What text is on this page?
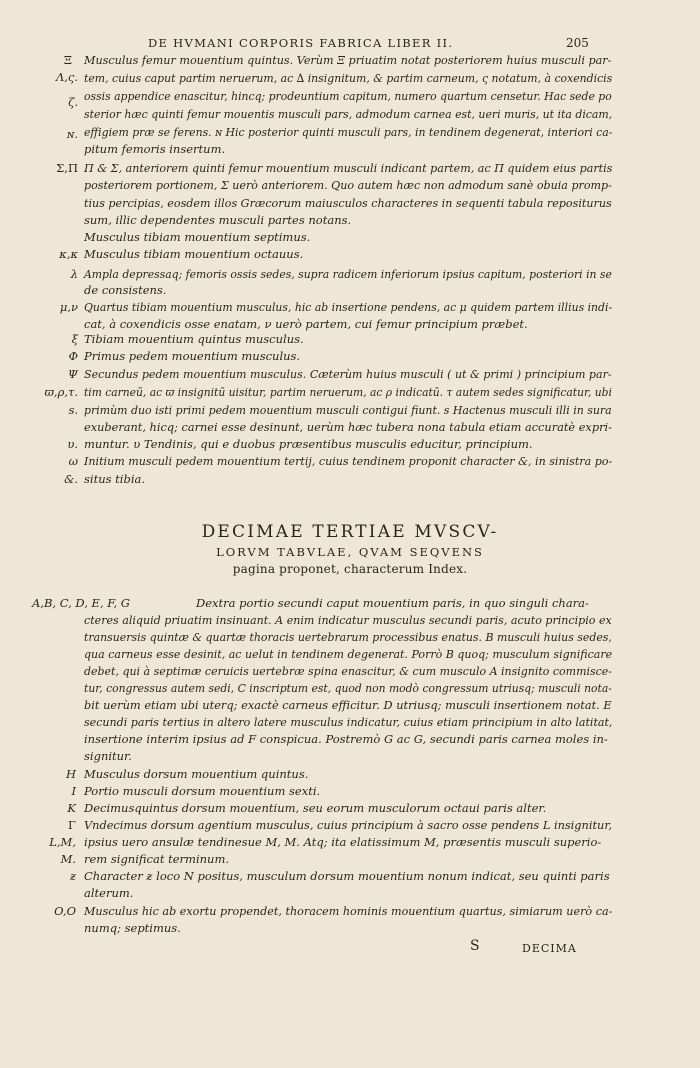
DE HVMANI CORPORIS FABRICA LIBER II.	205
Ξ
Ʌ,ς.
ζ.
ɴ.
Σ,Π
κ,κ
λ
μ,ν
ξ
Φ
Ψ
ϖ,ρ,τ.
s.
υ.
ω
&.
Musculus femur mouentium quintus. Verùm Ξ priuatim notat posteriorem huius musculi par-
tem, cuius caput partim neruerum, ac ∆ insignitum, & partim carneum, ς notatum, à coxendicis
ossis appendice enascitur, hincq; prodeuntium capitum, numero quartum censetur. Hac sede po
sterior hæc quinti femur mouentis musculi pars, admodum carnea est, ueri muris, ut ita dicam,
effigiem præ se ferens. ɴ Hic posterior quinti musculi pars, in tendinem degenerat, interiori ca-
pitum femoris insertum.
Π & Σ, anteriorem quinti femur mouentium musculi indicant partem, ac Π quidem eius partis
posteriorem portionem, Σ uerò anteriorem. Quo autem hæc non admodum sanè obuia promp-
tius percipias, eosdem illos Græcorum maiusculos characteres in sequenti tabula repositurus
sum, illic dependentes musculi partes notans.
Musculus tibiam mouentium septimus.
Musculus tibiam mouentium octauus.
Ampla depressaq; femoris ossis sedes, supra radicem inferiorum ipsius capitum, posteriori in se
de consistens.
Quartus tibiam mouentium musculus, hic ab insertione pendens, ac μ quidem partem illius indi-
cat, à coxendicis osse enatam, ν uerò partem, cui femur principium præbet.
Tibiam mouentium quintus musculus.
Primus pedem mouentium musculus.
Secundus pedem mouentium musculus. Cæterùm huius musculi ( ut & primi ) principium par-
tim carneū, ac ϖ insignitū uisitur, partim neruerum, ac ρ indicatū. τ autem sedes significatur, ubi
primùm duo isti primi pedem mouentium musculi contigui fiunt. s Hactenus musculi illi in sura
exuberant, hicq; carnei esse desinunt, uerùm hæc tubera nona tabula etiam accuratè expri-
muntur. υ Tendinis, qui e duobus præsentibus musculis educitur, principium.
Initium musculi pedem mouentium tertij, cuius tendinem proponit character &, in sinistra po-
situs tibia.
DECIMAE TERTIAE MVSCV-
LORVM TABVLAE, QVAM SEQVENS
pagina proponet, characterum Index.
A,B, C, D, E, F, G
H
I
K
Γ
L,M,
M.
ƶ
O,O
Dextra portio secundi caput mouentium paris, in quo singuli chara-
cteres aliquid priuatim insinuant. A enim indicatur musculus secundi paris, acuto principio ex
transuersis quintæ & quartæ thoracis uertebrarum processibus enatus. B musculi huius sedes,
qua carneus esse desinit, ac uelut in tendinem degenerat. Porrò B quoq; musculum significare
debet, qui à septimæ ceruicis uertebræ spina enascitur, & cum musculo A insignito commisce-
tur, congressus autem sedi, C inscriptum est, quod non modò congressum utriusq; musculi nota-
bit uerùm etiam ubi uterq; exactè carneus efficitur. D utriusq; musculi insertionem notat. E
secundi paris tertius in altero latere musculus indicatur, cuius etiam principium in alto latitat,
insertione interim ipsius ad F conspicua. Postremò G ac G, secundi paris carnea moles in-
signitur.
Musculus dorsum mouentium quintus.
Portio musculi dorsum mouentium sexti.
Decimusquintus dorsum mouentium, seu eorum musculorum octaui paris alter.
Vndecimus dorsum agentium musculus, cuius principium à sacro osse pendens L insignitur,
ipsius uero ansulæ tendinesue M, M. Atq; ita elatissimum M, præsentis musculi superio-
rem significat terminum.
Character ƶ loco N positus, musculum dorsum mouentium nonum indicat, seu quinti paris
alterum.
Musculus hic ab exortu propendet, thoracem hominis mouentium quartus, simiarum uerò ca-
numq; septimus.
S	DECIMA
